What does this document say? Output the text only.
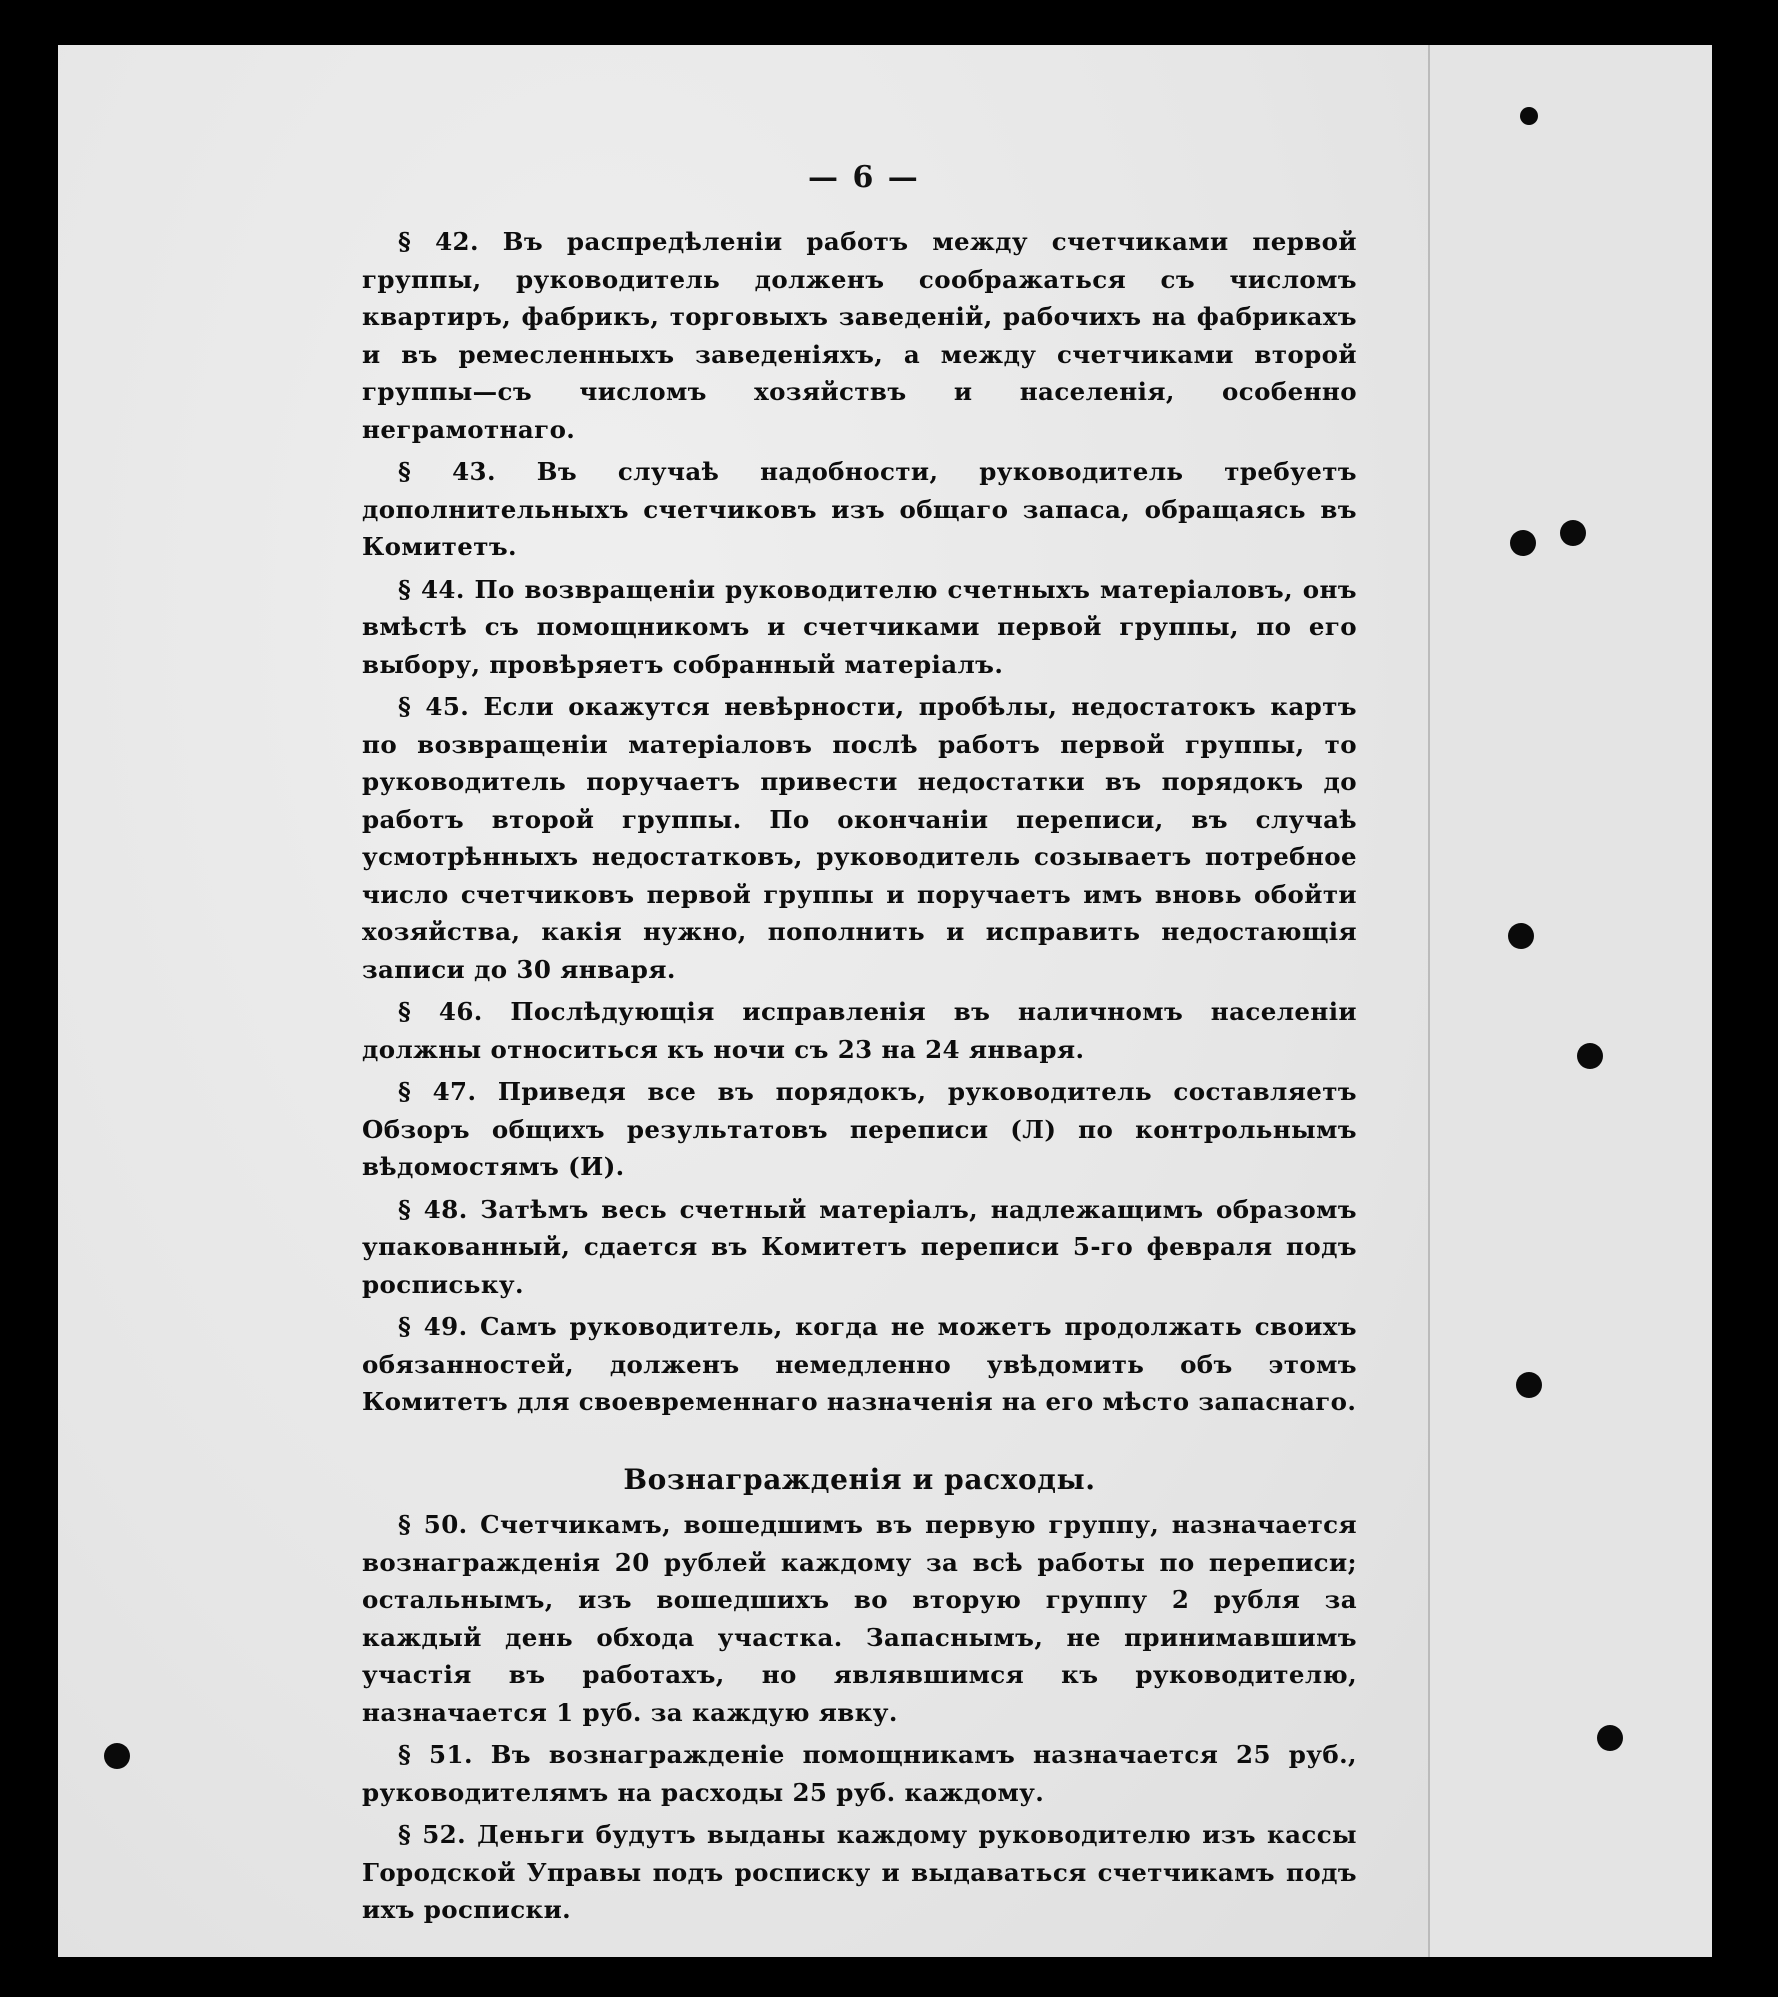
— 6 —

§ 42. Въ распредѣленіи работъ между счетчиками первой группы, руководитель долженъ соображаться съ числомъ квартиръ, фабрикъ, торговыхъ заведеній, рабочихъ на фабрикахъ и въ ремесленныхъ заведеніяхъ, а между счетчиками второй группы—съ числомъ хозяйствъ и населенія, особенно неграмотнаго.

§ 43. Въ случаѣ надобности, руководитель требуетъ дополнительныхъ счетчиковъ изъ общаго запаса, обращаясь въ Комитетъ.

§ 44. По возвращеніи руководителю счетныхъ матеріаловъ, онъ вмѣстѣ съ помощникомъ и счетчиками первой группы, по его выбору, провѣряетъ собранный матеріалъ.

§ 45. Если окажутся невѣрности, пробѣлы, недостатокъ картъ по возвращеніи матеріаловъ послѣ работъ первой группы, то руководитель поручаетъ привести недостатки въ порядокъ до работъ второй группы. По окончаніи переписи, въ случаѣ усмотрѣнныхъ недостатковъ, руководитель созываетъ потребное число счетчиковъ первой группы и поручаетъ имъ вновь обойти хозяйства, какія нужно, пополнить и исправить недостающія записи до 30 января.

§ 46. Послѣдующія исправленія въ наличномъ населеніи должны относиться къ ночи съ 23 на 24 января.

§ 47. Приведя все въ порядокъ, руководитель составляетъ Обзоръ общихъ результатовъ переписи (Л) по контрольнымъ вѣдомостямъ (И).

§ 48. Затѣмъ весь счетный матеріалъ, надлежащимъ образомъ упакованный, сдается въ Комитетъ переписи 5-го февраля подъ роспиську.

§ 49. Самъ руководитель, когда не можетъ продолжать своихъ обязанностей, долженъ немедленно увѣдомить объ этомъ Комитетъ для своевременнаго назначенія на его мѣсто запаснаго.

Вознагражденія и расходы.

§ 50. Счетчикамъ, вошедшимъ въ первую группу, назначается вознагражденія 20 рублей каждому за всѣ работы по переписи; остальнымъ, изъ вошедшихъ во вторую группу 2 рубля за каждый день обхода участка. Запаснымъ, не принимавшимъ участія въ работахъ, но являвшимся къ руководителю, назначается 1 руб. за каждую явку.

§ 51. Въ вознагражденіе помощникамъ назначается 25 руб., руководителямъ на расходы 25 руб. каждому.

§ 52. Деньги будутъ выданы каждому руководителю изъ кассы Городской Управы подъ росписку и выдаваться счетчикамъ подъ ихъ росписки.
